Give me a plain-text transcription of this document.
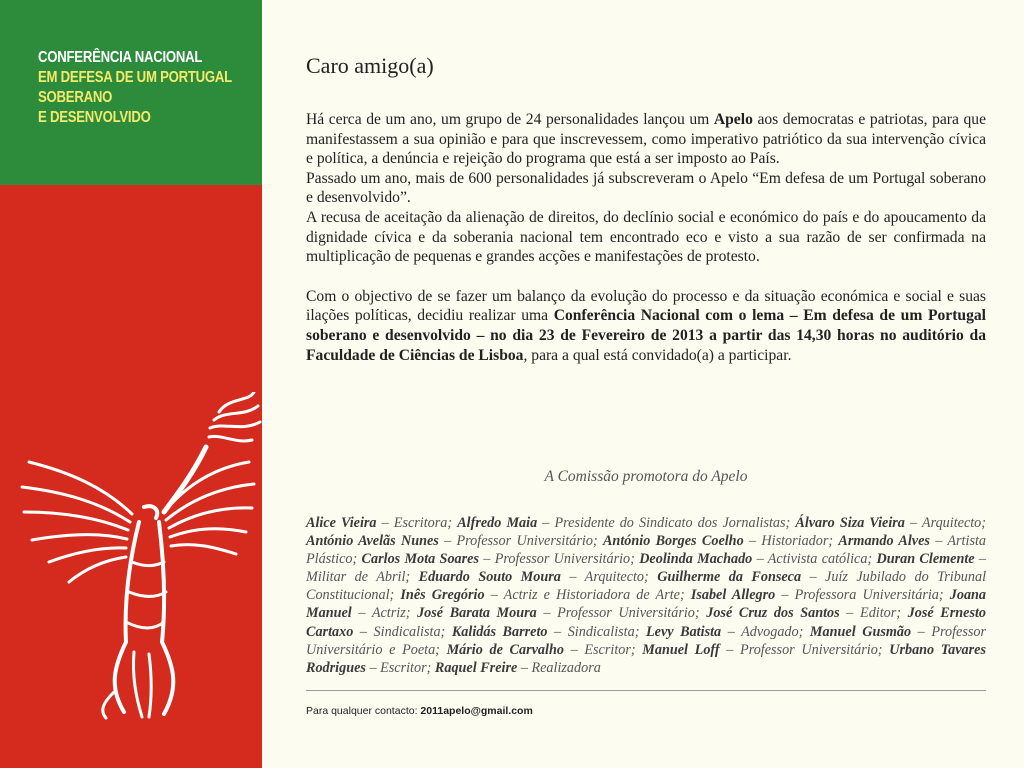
CONFERÊNCIA NACIONAL
EM DEFESA DE UM PORTUGAL
SOBERANO
E DESENVOLVIDO
Caro amigo(a)

Há cerca de um ano, um grupo de 24 personalidades lançou um Apelo aos democratas e patriotas, para que manifestassem a sua opinião e para que inscrevessem, como imperativo patriótico da sua intervenção cívica e política, a denúncia e rejeição do programa que está a ser imposto ao País.

Passado um ano, mais de 600 personalidades já subscreveram o Apelo “Em defesa de um Portugal soberano e desenvolvido”.

A recusa de aceitação da alienação de direitos, do declínio social e económico do país e do apoucamento da dignidade cívica e da soberania nacional tem encontrado eco e visto a sua razão de ser confirmada na multiplicação de pequenas e grandes acções e manifestações de protesto.

Com o objectivo de se fazer um balanço da evolução do processo e da situação económica e social e suas ilações políticas, decidiu realizar uma Conferência Nacional com o lema – Em defesa de um Portugal soberano e desenvolvido – no dia 23 de Fevereiro de 2013 a partir das 14,30 horas no auditório da Faculdade de Ciências de Lisboa, para a qual está convidado(a) a participar.

A Comissão promotora do Apelo
Alice Vieira – Escritora; Alfredo Maia – Presidente do Sindicato dos Jornalistas; Álvaro Siza Vieira – Arquitecto; António Avelãs Nunes – Professor Universitário; António Borges Coelho – Historiador; Armando Alves – Artista Plástico; Carlos Mota Soares – Professor Universitário; Deolinda Machado – Activista católica; Duran Clemente – Militar de Abril; Eduardo Souto Moura – Arquitecto; Guilherme da Fonseca – Juíz Jubilado do Tribunal Constitucional; Inês Gregório – Actriz e Historiadora de Arte; Isabel Allegro – Professora Universitária; Joana Manuel – Actriz; José Barata Moura – Professor Universitário; José Cruz dos Santos – Editor; José Ernesto Cartaxo – Sindicalista; Kalidás Barreto – Sindicalista; Levy Batista – Advogado; Manuel Gusmão – Professor Universitário e Poeta; Mário de Carvalho – Escritor; Manuel Loff – Professor Universitário; Urbano Tavares Rodrigues – Escritor; Raquel Freire – Realizadora
Para qualquer contacto: 2011apelo@gmail.com
